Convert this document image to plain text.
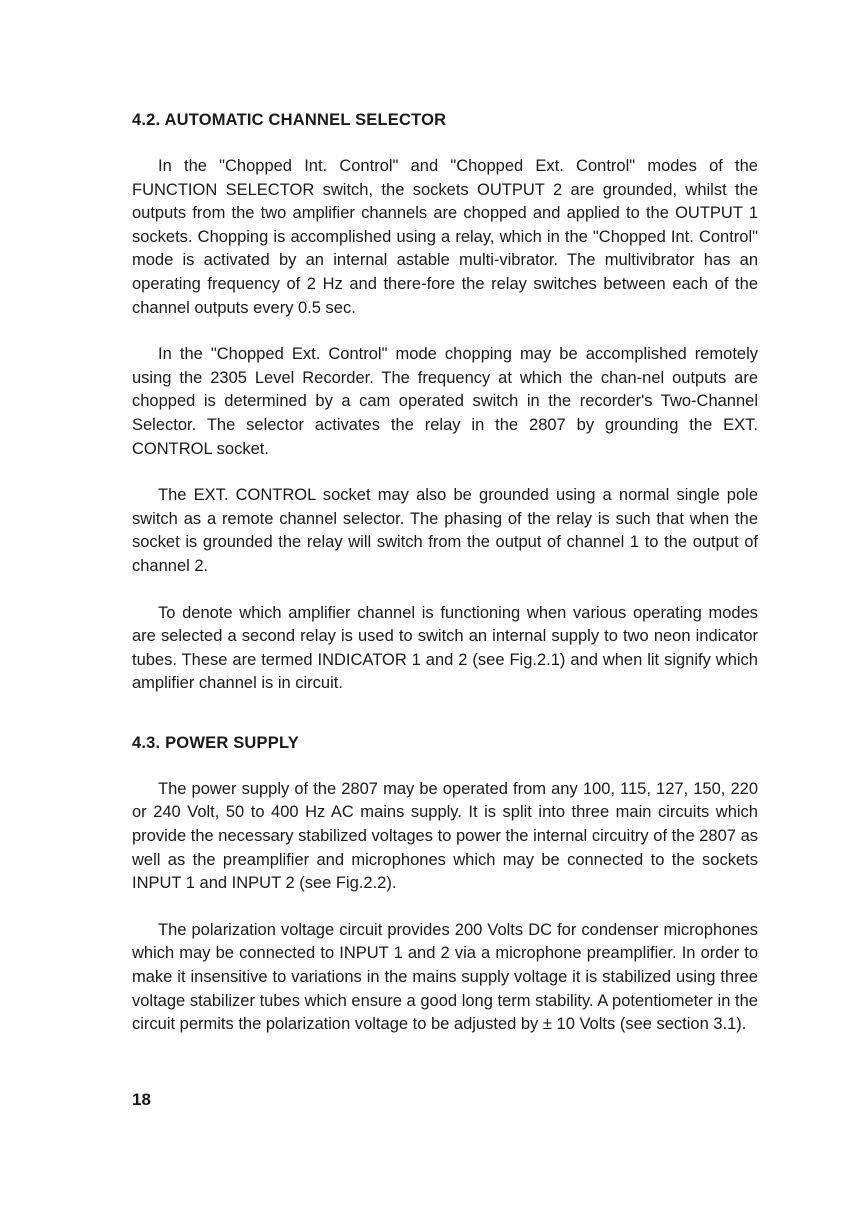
4.2. AUTOMATIC CHANNEL SELECTOR

In the "Chopped Int. Control" and "Chopped Ext. Control" modes of the FUNCTION SELECTOR switch, the sockets OUTPUT 2 are grounded, whilst the outputs from the two amplifier channels are chopped and applied to the OUTPUT 1 sockets. Chopping is accomplished using a relay, which in the "Chopped Int. Control" mode is activated by an internal astable multi-vibrator. The multivibrator has an operating frequency of 2 Hz and there-fore the relay switches between each of the channel outputs every 0.5 sec.

In the "Chopped Ext. Control" mode chopping may be accomplished remotely using the 2305 Level Recorder. The frequency at which the chan-nel outputs are chopped is determined by a cam operated switch in the recorder's Two-Channel Selector. The selector activates the relay in the 2807 by grounding the EXT. CONTROL socket.

The EXT. CONTROL socket may also be grounded using a normal single pole switch as a remote channel selector. The phasing of the relay is such that when the socket is grounded the relay will switch from the output of channel 1 to the output of channel 2.

To denote which amplifier channel is functioning when various operating modes are selected a second relay is used to switch an internal supply to two neon indicator tubes. These are termed INDICATOR 1 and 2 (see Fig.2.1) and when lit signify which amplifier channel is in circuit.

4.3. POWER SUPPLY

The power supply of the 2807 may be operated from any 100, 115, 127, 150, 220 or 240 Volt, 50 to 400 Hz AC mains supply. It is split into three main circuits which provide the necessary stabilized voltages to power the internal circuitry of the 2807 as well as the preamplifier and microphones which may be connected to the sockets INPUT 1 and INPUT 2 (see Fig.2.2).

The polarization voltage circuit provides 200 Volts DC for condenser microphones which may be connected to INPUT 1 and 2 via a microphone preamplifier. In order to make it insensitive to variations in the mains supply voltage it is stabilized using three voltage stabilizer tubes which ensure a good long term stability. A potentiometer in the circuit permits the polarization voltage to be adjusted by ± 10 Volts (see section 3.1).

18
